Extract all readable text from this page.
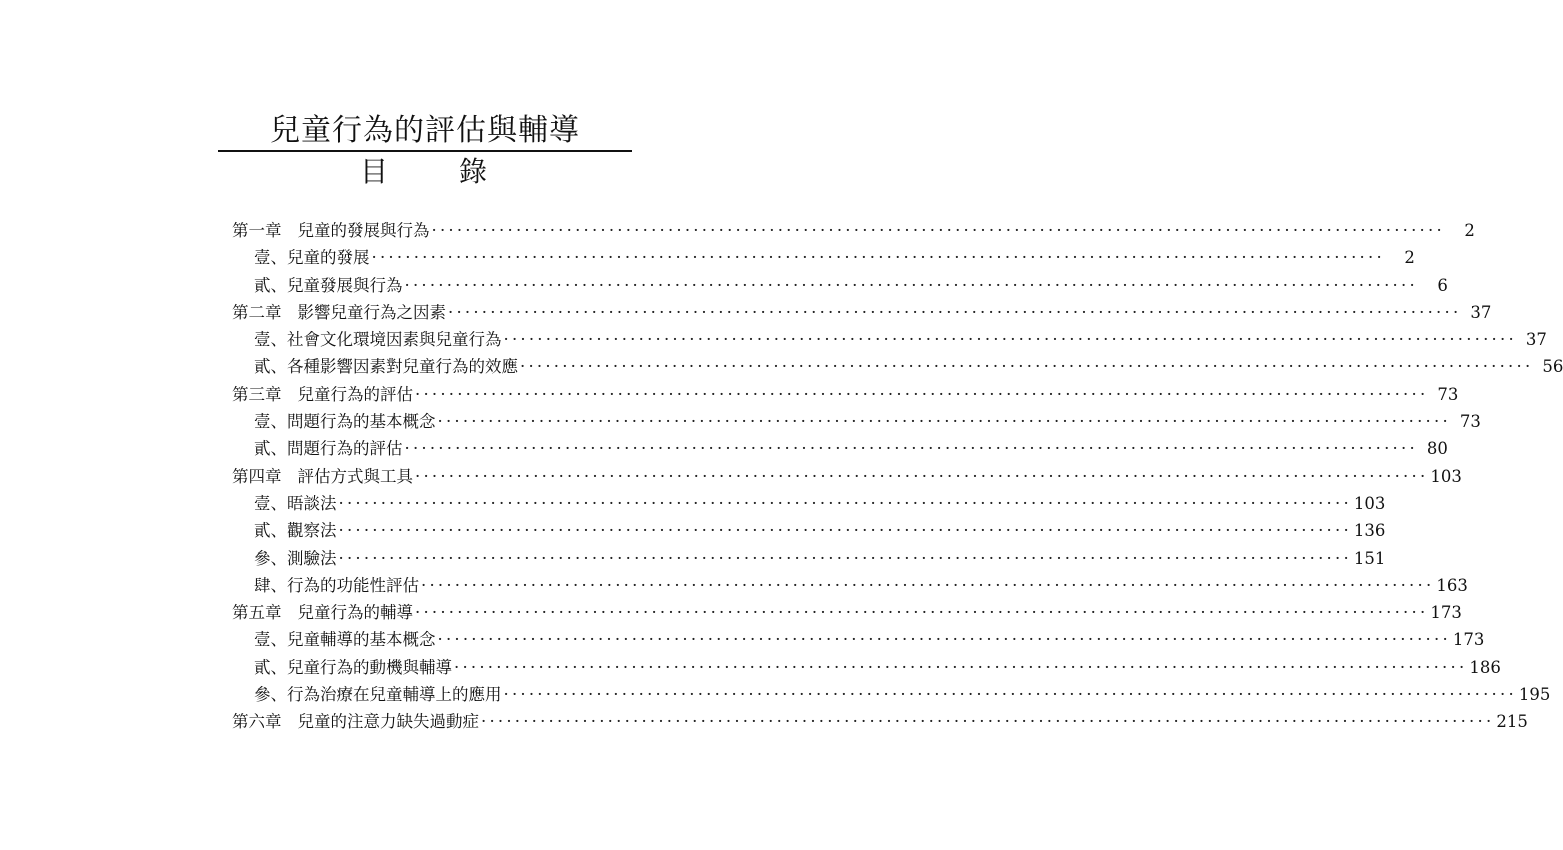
兒童行為的評估與輔導
目	錄
第一章 兒童的發展與行為 ························································································································	2
壹、兒童的發展 ························································································································	2
貳、兒童發展與行為 ························································································································	6
第二章 影響兒童行為之因素 ························································································································ 37
壹、社會文化環境因素與兒童行為 ························································································································ 37
貳、各種影響因素對兒童行為的效應 ························································································································ 56
第三章 兒童行為的評估 ························································································································ 73
壹、問題行為的基本概念 ························································································································ 73
貳、問題行為的評估 ························································································································ 80
第四章 評估方式與工具 ························································································································ 103
壹、晤談法 ························································································································ 103
貳、觀察法 ························································································································ 136
參、測驗法 ························································································································ 151
肆、行為的功能性評估 ························································································································ 163
第五章 兒童行為的輔導 ························································································································ 173
壹、兒童輔導的基本概念 ························································································································ 173
貳、兒童行為的動機與輔導 ························································································································ 186
參、行為治療在兒童輔導上的應用 ························································································································ 195
第六章 兒童的注意力缺失過動症 ························································································································ 215
